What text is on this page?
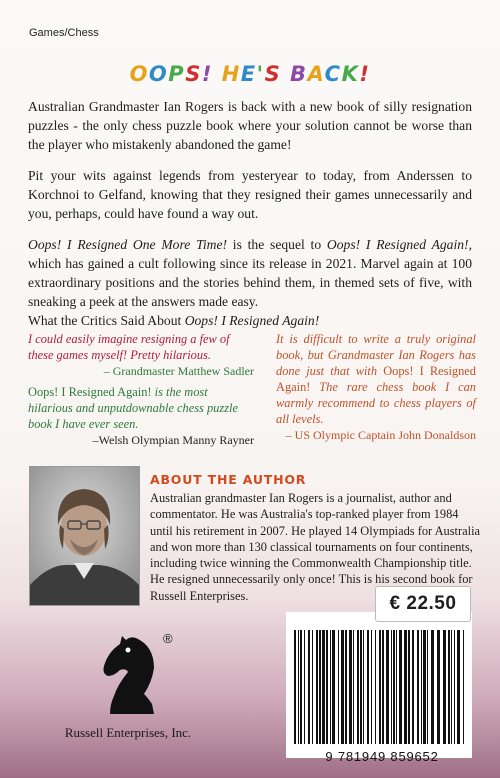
Games/Chess
OOPS! HE'S BACK!

Australian Grandmaster Ian Rogers is back with a new book of silly resignation puzzles - the only chess puzzle book where your solution cannot be worse than the player who mistakenly abandoned the game!

Pit your wits against legends from yesteryear to today, from Anderssen to Korchnoi to Gelfand, knowing that they resigned their games unnecessarily and you, perhaps, could have found a way out.

Oops! I Resigned One More Time! is the sequel to Oops! I Resigned Again!, which has gained a cult following since its release in 2021. Marvel again at 100 extraordinary positions and the stories behind them, in themed sets of five, with sneaking a peek at the answers made easy.

What the Critics Said About Oops! I Resigned Again!

I could easily imagine resigning a few of these games myself! Pretty hilarious.
– Grandmaster Matthew Sadler
Oops! I Resigned Again! is the most hilarious and unputdownable chess puzzle book I have ever seen.
–Welsh Olympian Manny Rayner
It is difficult to write a truly original book, but Grandmaster Ian Rogers has done just that with Oops! I Resigned Again! The rare chess book I can warmly recommend to chess players of all levels.
– US Olympic Captain John Donaldson
ABOUT THE AUTHOR

Australian grandmaster Ian Rogers is a journalist, author and commentator. He was Australia's top-ranked player from 1984 until his retirement in 2007. He played 14 Olympiads for Australia and won more than 130 classical tournaments on four continents, including twice winning the Commonwealth Championship title. He resigned unnecessarily only once! This is his second book for Russell Enterprises.

®
Russell Enterprises, Inc.
€ 22.50
9 781949 859652
